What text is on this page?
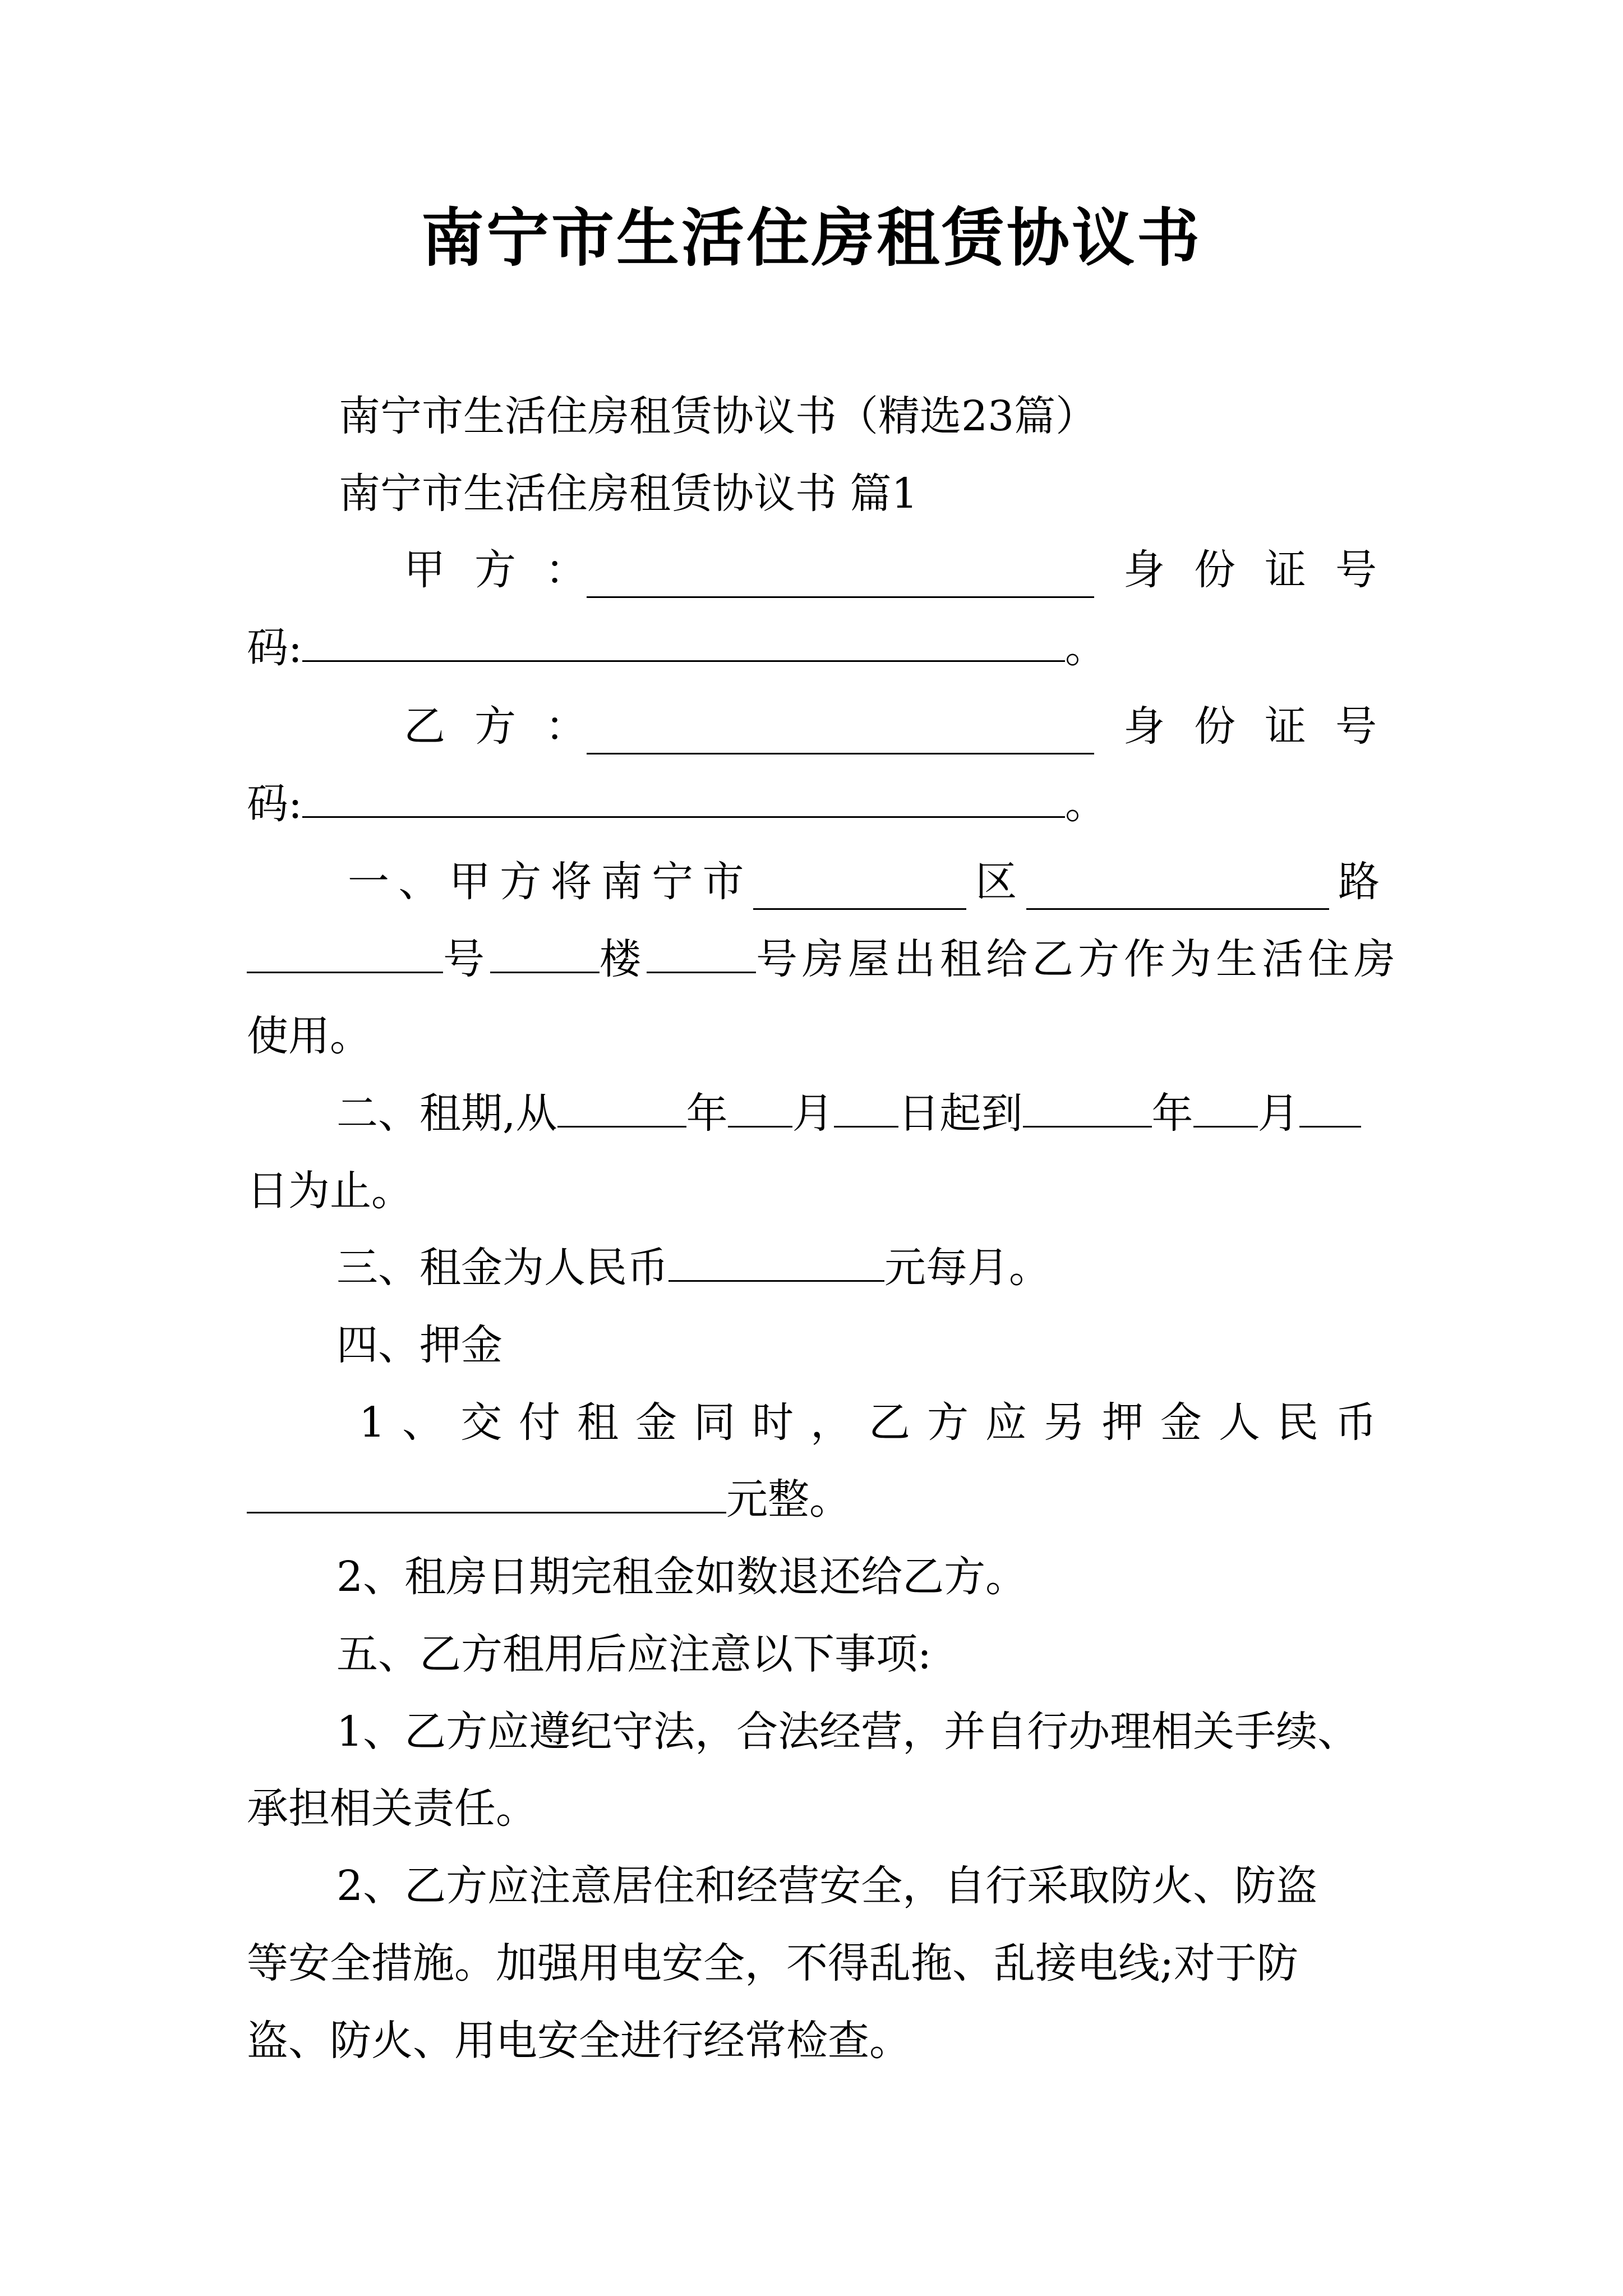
南宁市生活住房租赁协议书
南宁市生活住房租赁协议书（精选23篇）
南宁市生活住房租赁协议书 篇1
甲 方 ：	身 份 证 号
码:	。
乙 方 ：	身 份 证 号
码:	。
一 、 甲 方 将 南 宁 市	区	路
号	楼	号房屋出租给乙方作为生活住房
使用。
二、租期,从	年 月 日起到	年 月
日为止。
三、租金为人民币	元每月。
四、押金
1 、 交 付 租 金 同 时 ， 乙 方 应 另 押 金 人 民 币
元整。
2、租房日期完租金如数退还给乙方。
五、乙方租用后应注意以下事项:
1、乙方应遵纪守法，合法经营，并自行办理相关手续、
承担相关责任。
2、乙方应注意居住和经营安全，自行采取防火、防盗
等安全措施。加强用电安全，不得乱拖、乱接电线;对于防
盗、防火、用电安全进行经常检查。
